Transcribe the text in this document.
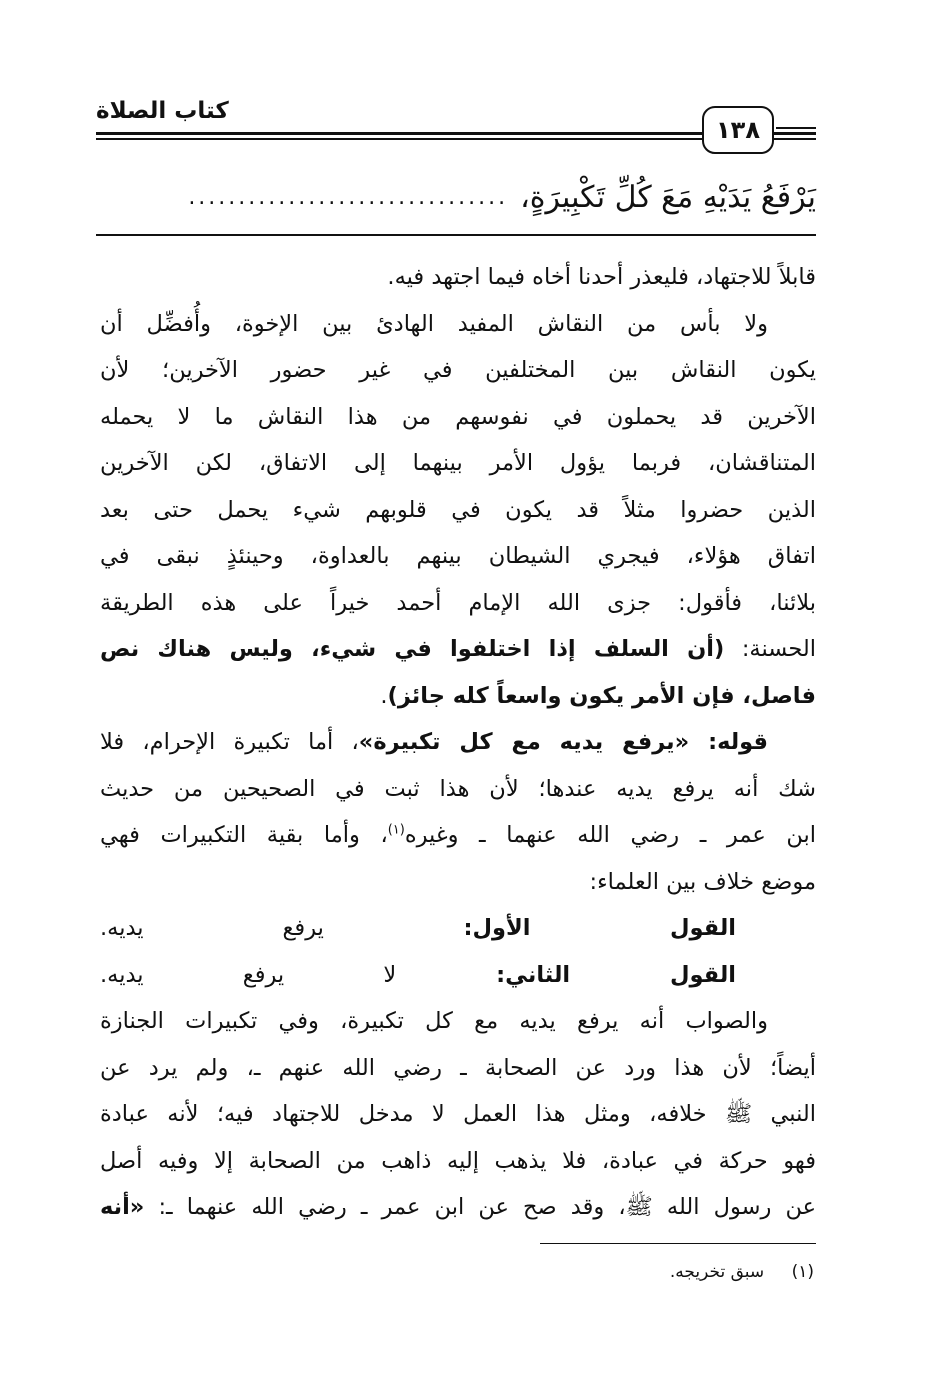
كتاب الصلاة
١٣٨
يَرْفَعُ يَدَيْهِ مَعَ كُلِّ تَكْبِيرَةٍ،
................................
قابلاً للاجتهاد، فليعذر أحدنا أخاه فيما اجتهد فيه.
ولا بأس من النقاش المفيد الهادئ بين الإخوة، وأُفضِّل أن
يكون النقاش بين المختلفين في غير حضور الآخرين؛ لأن
الآخرين قد يحملون في نفوسهم من هذا النقاش ما لا يحمله
المتناقشان، فربما يؤول الأمر بينهما إلى الاتفاق، لكن الآخرين
الذين حضروا مثلاً قد يكون في قلوبهم شيء يحمل حتى بعد
اتفاق هؤلاء، فيجري الشيطان بينهم بالعداوة، وحينئذٍ نبقى في
بلائنا، فأقول: جزى الله الإمام أحمد خيراً على هذه الطريقة
الحسنة: (أن السلف إذا اختلفوا في شيء، وليس هناك نص
فاصل، فإن الأمر يكون واسعاً كله جائز).
قوله: «يرفع يديه مع كل تكبيرة»، أما تكبيرة الإحرام، فلا
شك أنه يرفع يديه عندها؛ لأن هذا ثبت في الصحيحين من حديث
ابن عمر ـ رضي الله عنهما ـ وغيره$^{(١)}$، وأما بقية التكبيرات فهي
موضع خلاف بين العلماء:
القول الأول: يرفع يديه.
القول الثاني: لا يرفع يديه.
والصواب أنه يرفع يديه مع كل تكبيرة، وفي تكبيرات الجنازة
أيضاً؛ لأن هذا ورد عن الصحابة ـ رضي الله عنهم ـ، ولم يرد عن
النبي ﷺ خلافه، ومثل هذا العمل لا مدخل للاجتهاد فيه؛ لأنه عبادة
فهو حركة في عبادة، فلا يذهب إليه ذاهب من الصحابة إلا وفيه أصل
عن رسول الله ﷺ، وقد صح عن ابن عمر ـ رضي الله عنهما ـ: «أنه
(١) سبق تخريجه.
